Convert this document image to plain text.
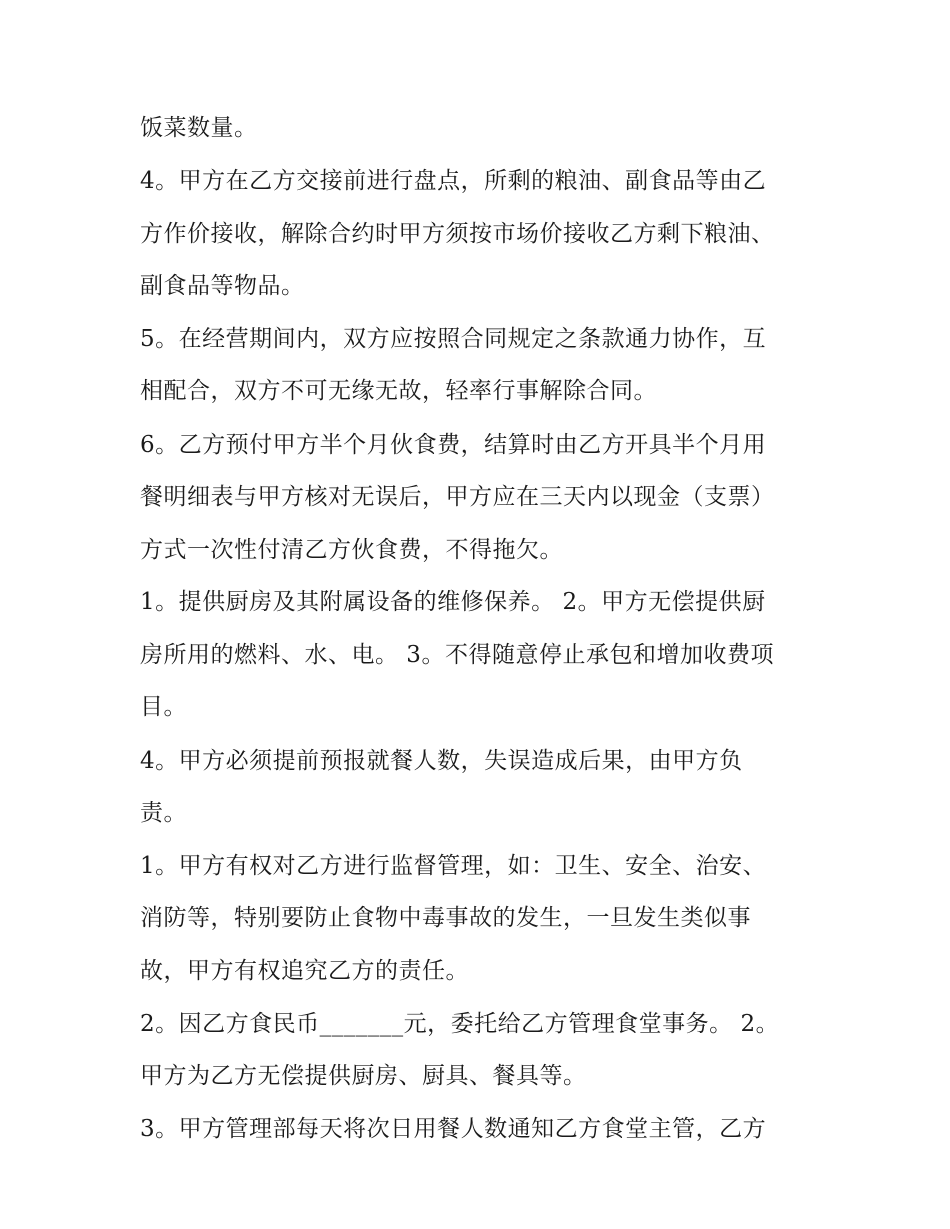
饭菜数量。
4。甲方在乙方交接前进行盘点，所剩的粮油、副食品等由乙
方作价接收，解除合约时甲方须按市场价接收乙方剩下粮油、
副食品等物品。
5。在经营期间内，双方应按照合同规定之条款通力协作，互
相配合，双方不可无缘无故，轻率行事解除合同。
6。乙方预付甲方半个月伙食费，结算时由乙方开具半个月用
餐明细表与甲方核对无误后，甲方应在三天内以现金（支票）
方式一次性付清乙方伙食费，不得拖欠。
1。提供厨房及其附属设备的维修保养。 2。甲方无偿提供厨
房所用的燃料、水、电。 3。不得随意停止承包和增加收费项
目。
4。甲方必须提前预报就餐人数，失误造成后果，由甲方负
责。
1。甲方有权对乙方进行监督管理，如：卫生、安全、治安、
消防等，特别要防止食物中毒事故的发生，一旦发生类似事
故，甲方有权追究乙方的责任。
2。因乙方食民币_______元，委托给乙方管理食堂事务。 2。
甲方为乙方无偿提供厨房、厨具、餐具等。
3。甲方管理部每天将次日用餐人数通知乙方食堂主管，乙方
